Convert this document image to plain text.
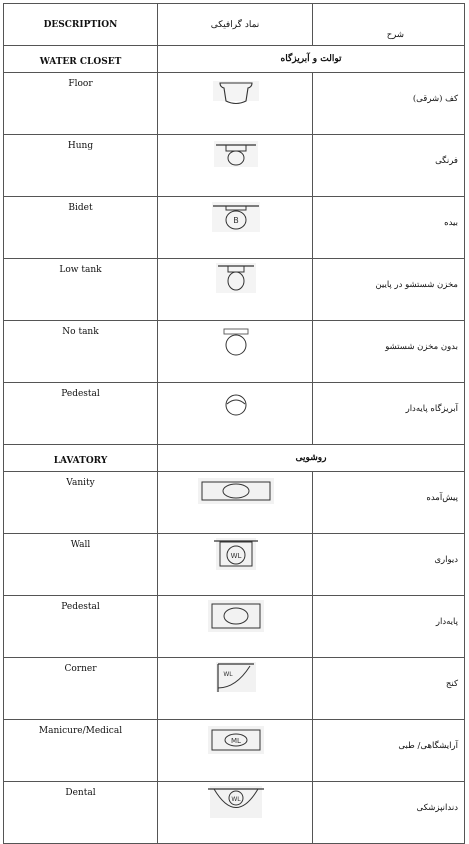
DESCRIPTION	نماد گرافیکی	شرح
WATER CLOSET	توالت و آبریزگاه	
Floor		کف (شرقی)
Hung		فرنگی
Bidet	B	بیده
Low tank		مخزن شستشو در پایین
No tank		بدون مخزن شستشو
Pedestal		آبریزگاه پایه‌دار
LAVATORY	روشویی	
Vanity		پیش‌آمده
Wall	WL	دیواری
Pedestal		پایه‌دار
Corner	WL	کنج
Manicure/Medical	ML	آرایشگاهی/ طبی
Dental	WL	دندانپزشکی
